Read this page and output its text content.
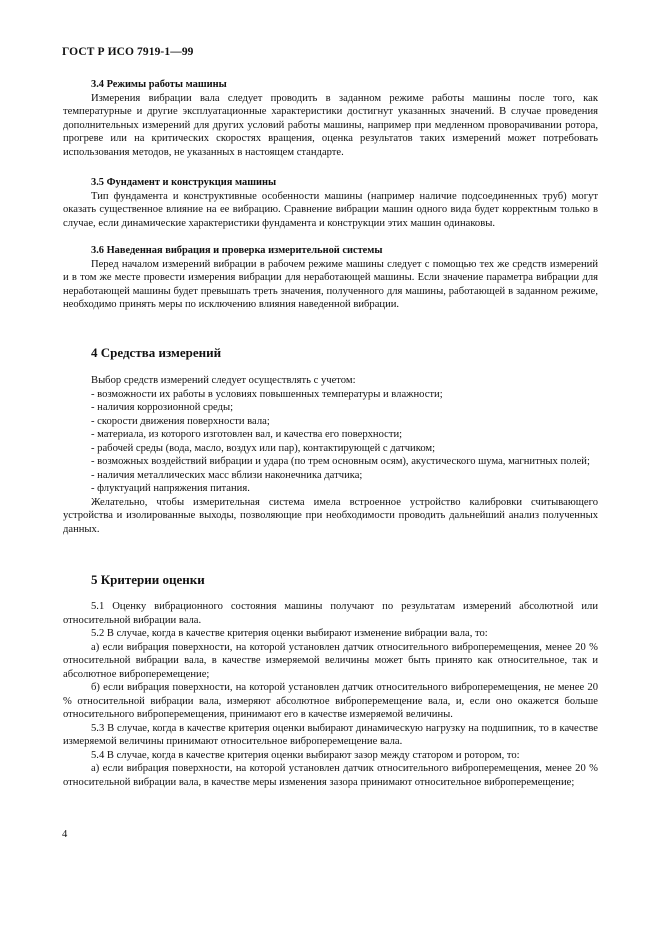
ГОСТ Р ИСО 7919-1—99

3.4 Режимы работы машины

Измерения вибрации вала следует проводить в заданном режиме работы машины после того, как температурные и другие эксплуатационные характеристики достигнут указанных значений. В случае проведения дополнительных измерений для других условий работы машины, например при медленном проворачивании ротора, прогреве или на критических скоростях вращения, оценка результатов таких измерений может потребовать использования методов, не указанных в настоящем стандарте.

3.5 Фундамент и конструкция машины

Тип фундамента и конструктивные особенности машины (например наличие подсоединенных труб) могут оказать существенное влияние на ее вибрацию. Сравнение вибрации машин одного вида будет корректным только в случае, если динамические характеристики фундамента и конструкции этих машин одинаковы.

3.6 Наведенная вибрация и проверка измерительной системы

Перед началом измерений вибрации в рабочем режиме машины следует с помощью тех же средств измерений и в том же месте провести измерения вибрации для неработающей машины. Если значение параметра вибрации для неработающей машины будет превышать треть значения, полученного для машины, работающей в заданном режиме, необходимо принять меры по исключению влияния наведенной вибрации.

4 Средства измерений

Выбор средств измерений следует осуществлять с учетом:

- возможности их работы в условиях повышенных температуры и влажности;

- наличия коррозионной среды;

- скорости движения поверхности вала;

- материала, из которого изготовлен вал, и качества его поверхности;

- рабочей среды (вода, масло, воздух или пар), контактирующей с датчиком;

- возможных воздействий вибрации и удара (по трем основным осям), акустического шума, магнитных полей;

- наличия металлических масс вблизи наконечника датчика;

- флуктуаций напряжения питания.

Желательно, чтобы измерительная система имела встроенное устройство калибровки считывающего устройства и изолированные выходы, позволяющие при необходимости проводить дальнейший анализ полученных данных.

5 Критерии оценки

5.1 Оценку вибрационного состояния машины получают по результатам измерений абсолютной или относительной вибрации вала.

5.2 В случае, когда в качестве критерия оценки выбирают изменение вибрации вала, то:

а) если вибрация поверхности, на которой установлен датчик относительного виброперемещения, менее 20 % относительной вибрации вала, в качестве измеряемой величины может быть принято как относительное, так и абсолютное виброперемещение;

б) если вибрация поверхности, на которой установлен датчик относительного виброперемещения, не менее 20 % относительной вибрации вала, измеряют абсолютное виброперемещение вала, и, если оно окажется больше относительного виброперемещения, принимают его в качестве измеряемой величины.

5.3 В случае, когда в качестве критерия оценки выбирают динамическую нагрузку на подшипник, то в качестве измеряемой величины принимают относительное виброперемещение вала.

5.4 В случае, когда в качестве критерия оценки выбирают зазор между статором и ротором, то:

а) если вибрация поверхности, на которой установлен датчик относительного виброперемещения, менее 20 % относительной вибрации вала, в качестве меры изменения зазора принимают относительное виброперемещение;

4
